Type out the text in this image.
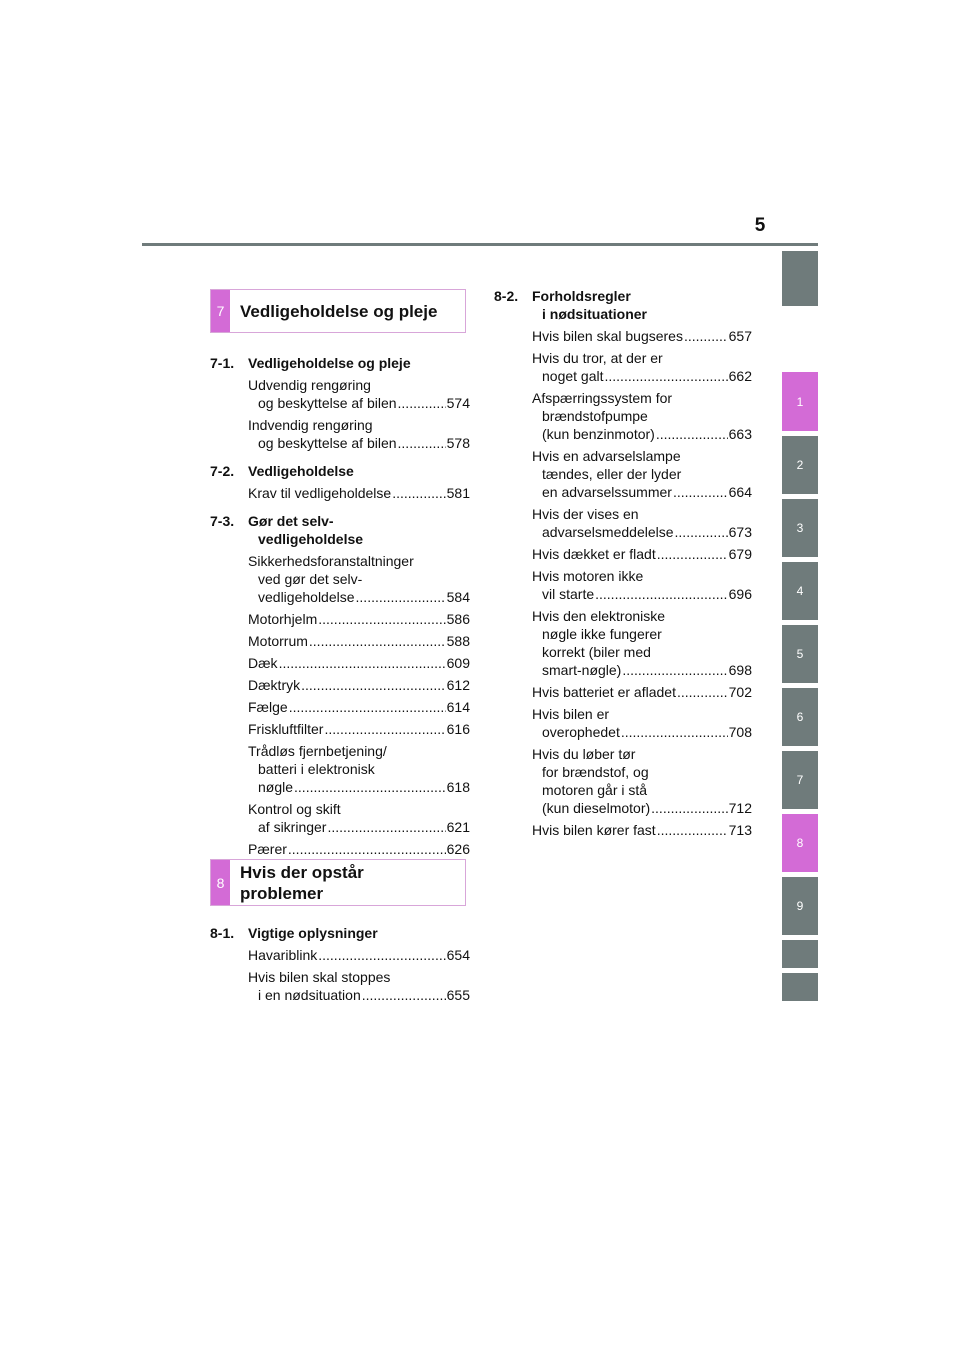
5
1
2
3
4
5
6
7
8
9
7 Vedligeholdelse og pleje
7-1. Vedligeholdelse og pleje
Udvendig rengøring
og beskyttelse af bilen .....	574
Indvendig rengøring
og beskyttelse af bilen .....	578
7-2. Vedligeholdelse
Krav til vedligeholdelse .....	581
7-3. Gør det selv-
vedligeholdelse
Sikkerhedsforanstaltninger
ved gør det selv-
vedligeholdelse .....	584
Motorhjelm .....	586
Motorrum .....	588
Dæk .....	609
Dæktryk .....	612
Fælge .....	614
Friskluftfilter .....	616
Trådløs fjernbetjening/
batteri i elektronisk
nøgle .....	618
Kontrol og skift
af sikringer .....	621
Pærer .....	626
8
Hvis der opstår
problemer
8-1. Vigtige oplysninger
Havariblink .....	654
Hvis bilen skal stoppes
i en nødsituation .....	655
8-2. Forholdsregler
i nødsituationer
Hvis bilen skal bugseres .....	657
Hvis du tror, at der er
noget galt .....	662
Afspærringssystem for
brændstofpumpe
(kun benzinmotor) .....	663
Hvis en advarselslampe
tændes, eller der lyder
en advarselssummer .....	664
Hvis der vises en
advarselsmeddelelse .....	673
Hvis dækket er fladt .....	679
Hvis motoren ikke
vil starte .....	696
Hvis den elektroniske
nøgle ikke fungerer
korrekt (biler med
smart-nøgle) .....	698
Hvis batteriet er afladet .....	702
Hvis bilen er
overophedet .....	708
Hvis du løber tør
for brændstof, og
motoren går i stå
(kun dieselmotor) .....	712
Hvis bilen kører fast .....	713
